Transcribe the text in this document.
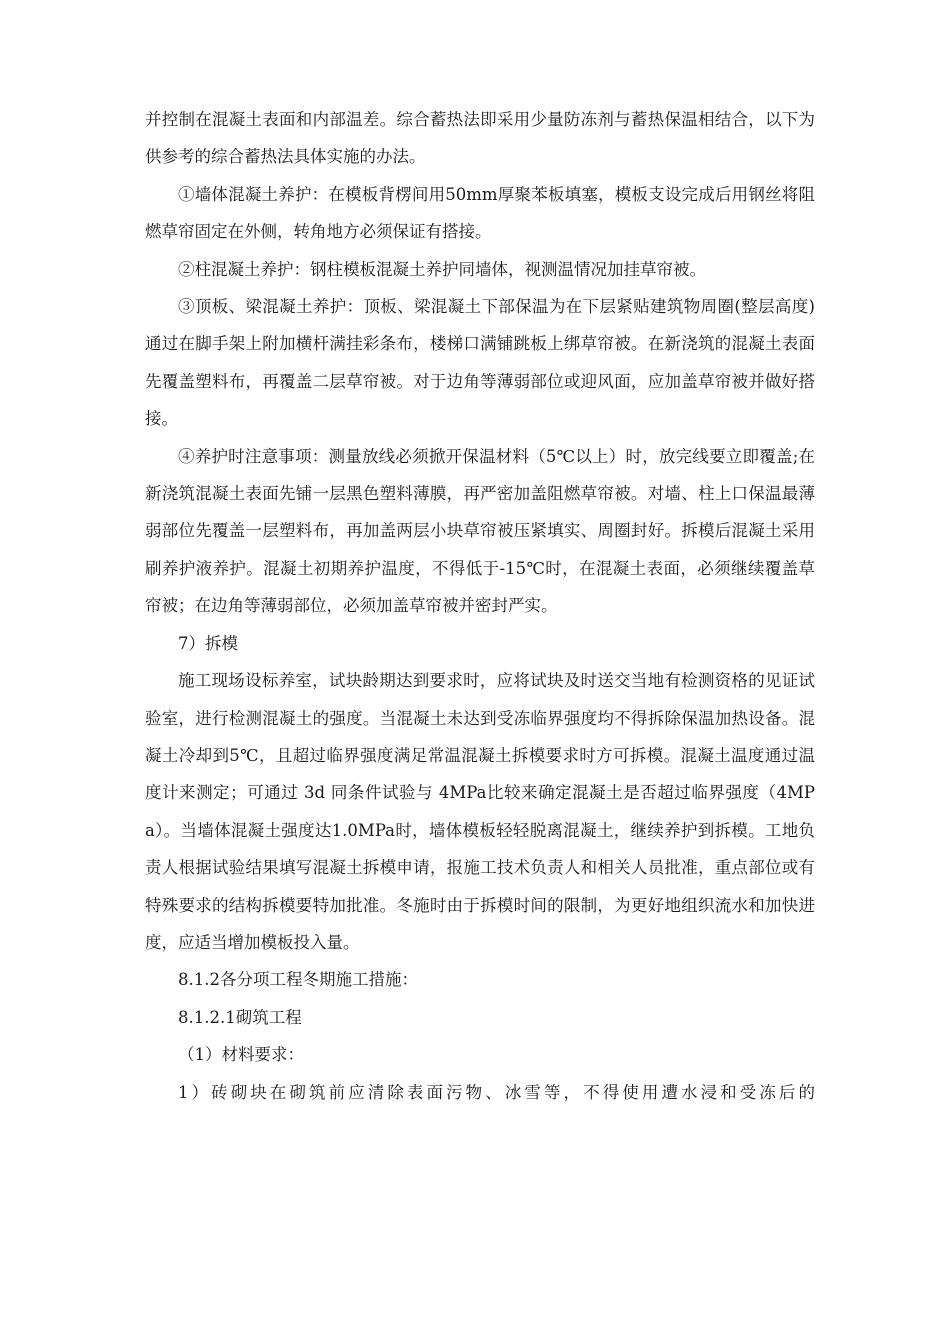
并控制在混凝土表面和内部温差。综合蓄热法即采用少量防冻剂与蓄热保温相结合，以下为供参考的综合蓄热法具体实施的办法。

①墙体混凝土养护：在模板背楞间用50mm厚聚苯板填塞，模板支设完成后用钢丝将阻燃草帘固定在外侧，转角地方必须保证有搭接。

②柱混凝土养护：钢柱模板混凝土养护同墙体，视测温情况加挂草帘被。

③顶板、梁混凝土养护：顶板、梁混凝土下部保温为在下层紧贴建筑物周圈(整层高度)通过在脚手架上附加横杆满挂彩条布，楼梯口满铺跳板上绑草帘被。在新浇筑的混凝土表面先覆盖塑料布，再覆盖二层草帘被。对于边角等薄弱部位或迎风面，应加盖草帘被并做好搭接。

④养护时注意事项：测量放线必须掀开保温材料（5℃以上）时，放完线要立即覆盖;在新浇筑混凝土表面先铺一层黑色塑料薄膜，再严密加盖阻燃草帘被。对墙、柱上口保温最薄弱部位先覆盖一层塑料布，再加盖两层小块草帘被压紧填实、周圈封好。拆模后混凝土采用刷养护液养护。混凝土初期养护温度，不得低于-15℃时，在混凝土表面，必须继续覆盖草帘被；在边角等薄弱部位，必须加盖草帘被并密封严实。

7）拆模

施工现场设标养室，试块龄期达到要求时，应将试块及时送交当地有检测资格的见证试验室，进行检测混凝土的强度。当混凝土未达到受冻临界强度均不得拆除保温加热设备。混凝土冷却到5℃，且超过临界强度满足常温混凝土拆模要求时方可拆模。混凝土温度通过温度计来测定；可通过 3d 同条件试验与 4MPa比较来确定混凝土是否超过临界强度（4MPa）。当墙体混凝土强度达1.0MPa时，墙体模板轻轻脱离混凝土，继续养护到拆模。工地负责人根据试验结果填写混凝土拆模申请，报施工技术负责人和相关人员批准，重点部位或有特殊要求的结构拆模要特加批准。冬施时由于拆模时间的限制，为更好地组织流水和加快进度，应适当增加模板投入量。

8.1.2各分项工程冬期施工措施：

8.1.2.1砌筑工程

（1）材料要求：

1）砖砌块在砌筑前应清除表面污物、冰雪等，不得使用遭水浸和受冻后的
